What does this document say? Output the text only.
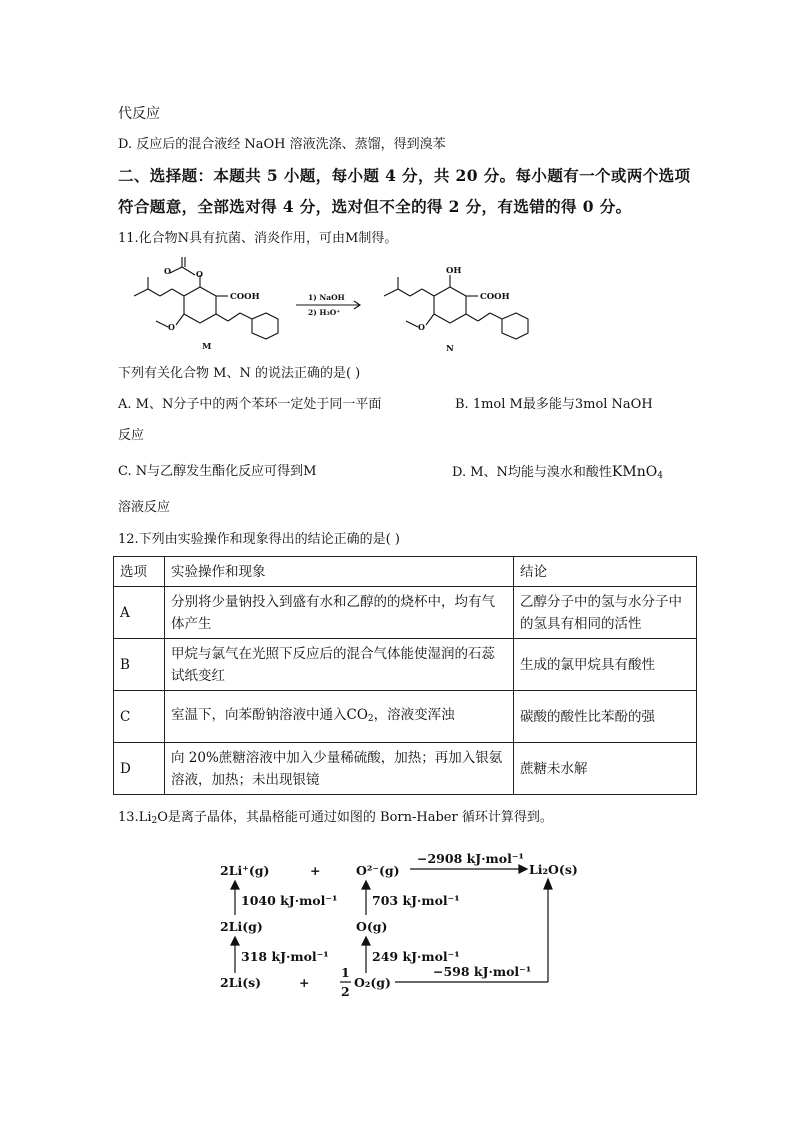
代反应
D. 反应后的混合液经 NaOH 溶液洗涤、蒸馏，得到溴苯
二、选择题：本题共 5 小题，每小题 4 分，共 20 分。每小题有一个或两个选项
符合题意，全部选对得 4 分，选对但不全的得 2 分，有选错的得 0 分。
11.化合物N具有抗菌、消炎作用，可由M制得。
COOH
O
O
O
M
1) NaOH
2) H₃O⁺
OH
COOH
O
N
下列有关化合物 M、N 的说法正确的是( )
A. M、N分子中的两个苯环一定处于同一平面	B. 1mol M最多能与3mol NaOH
反应
C. N与乙醇发生酯化反应可得到M	D. M、N均能与溴水和酸性KMnO$_4$
溶液反应
12.下列由实验操作和现象得出的结论正确的是( )
选项	实验操作和现象	结论
A	分别将少量钠投入到盛有水和乙醇的的烧杯中，均有气体产生	乙醇分子中的氢与水分子中的氢具有相同的活性
B	甲烷与氯气在光照下反应后的混合气体能使湿润的石蕊试纸变红	生成的氯甲烷具有酸性
C	室温下，向苯酚钠溶液中通入$CO_2$，溶液变浑浊	碳酸的酸性比苯酚的强
D	向 20%蔗糖溶液中加入少量稀硫酸，加热；再加入银氨溶液，加热；未出现银镜	蔗糖未水解
$13.Li_2O$是离子晶体，其晶格能可通过如图的 Born-Haber 循环计算得到。
2Li⁺(g)	+	O²⁻(g)
−2908 kJ·mol⁻¹
Li₂O(s)
1040 kJ·mol⁻¹	703 kJ·mol⁻¹
2Li(g)	O(g)
318 kJ·mol⁻¹	249 kJ·mol⁻¹
2Li(s)	+
1
2
O₂(g)
−598 kJ·mol⁻¹
